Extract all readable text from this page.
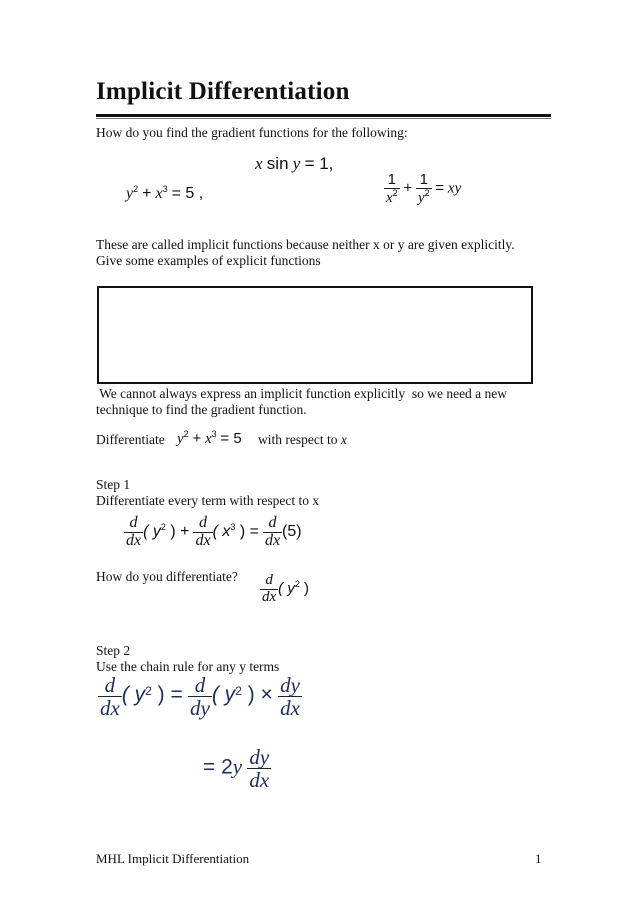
Implicit Differentiation
How do you find the gradient functions for the following:
x sin y = 1,
$y^2 + x^3 = 5$ ,	$\frac{1}{x^2} + \frac{1}{y^2}$ = xy
These are called implicit functions because neither x or y are given explicitly.
Give some examples of explicit functions
We cannot always express an implicit function explicitly  so we need a new
technique to find the gradient function.
Differentiate $y^2 + x^3 = 5$ with respect to x
Step 1
Differentiate every term with respect to x
$\frac{d}{dx}$ ( $y^2$ ) + $\frac{d}{dx}$ ( $x^3$ ) = $\frac{d}{dx} (5)$
How do you differentiate? $\frac{d}{dx}$ ( $y^2$ )
Step 2
Use the chain rule for any y terms
$\frac{d}{dx}$ ( $y^2$ ) = $\frac{d}{dy}$ ( $y^2$ ) × $\frac{dy}{dx}$
= $2y \frac{dy}{dx}$
MHL Implicit Differentiation	1
